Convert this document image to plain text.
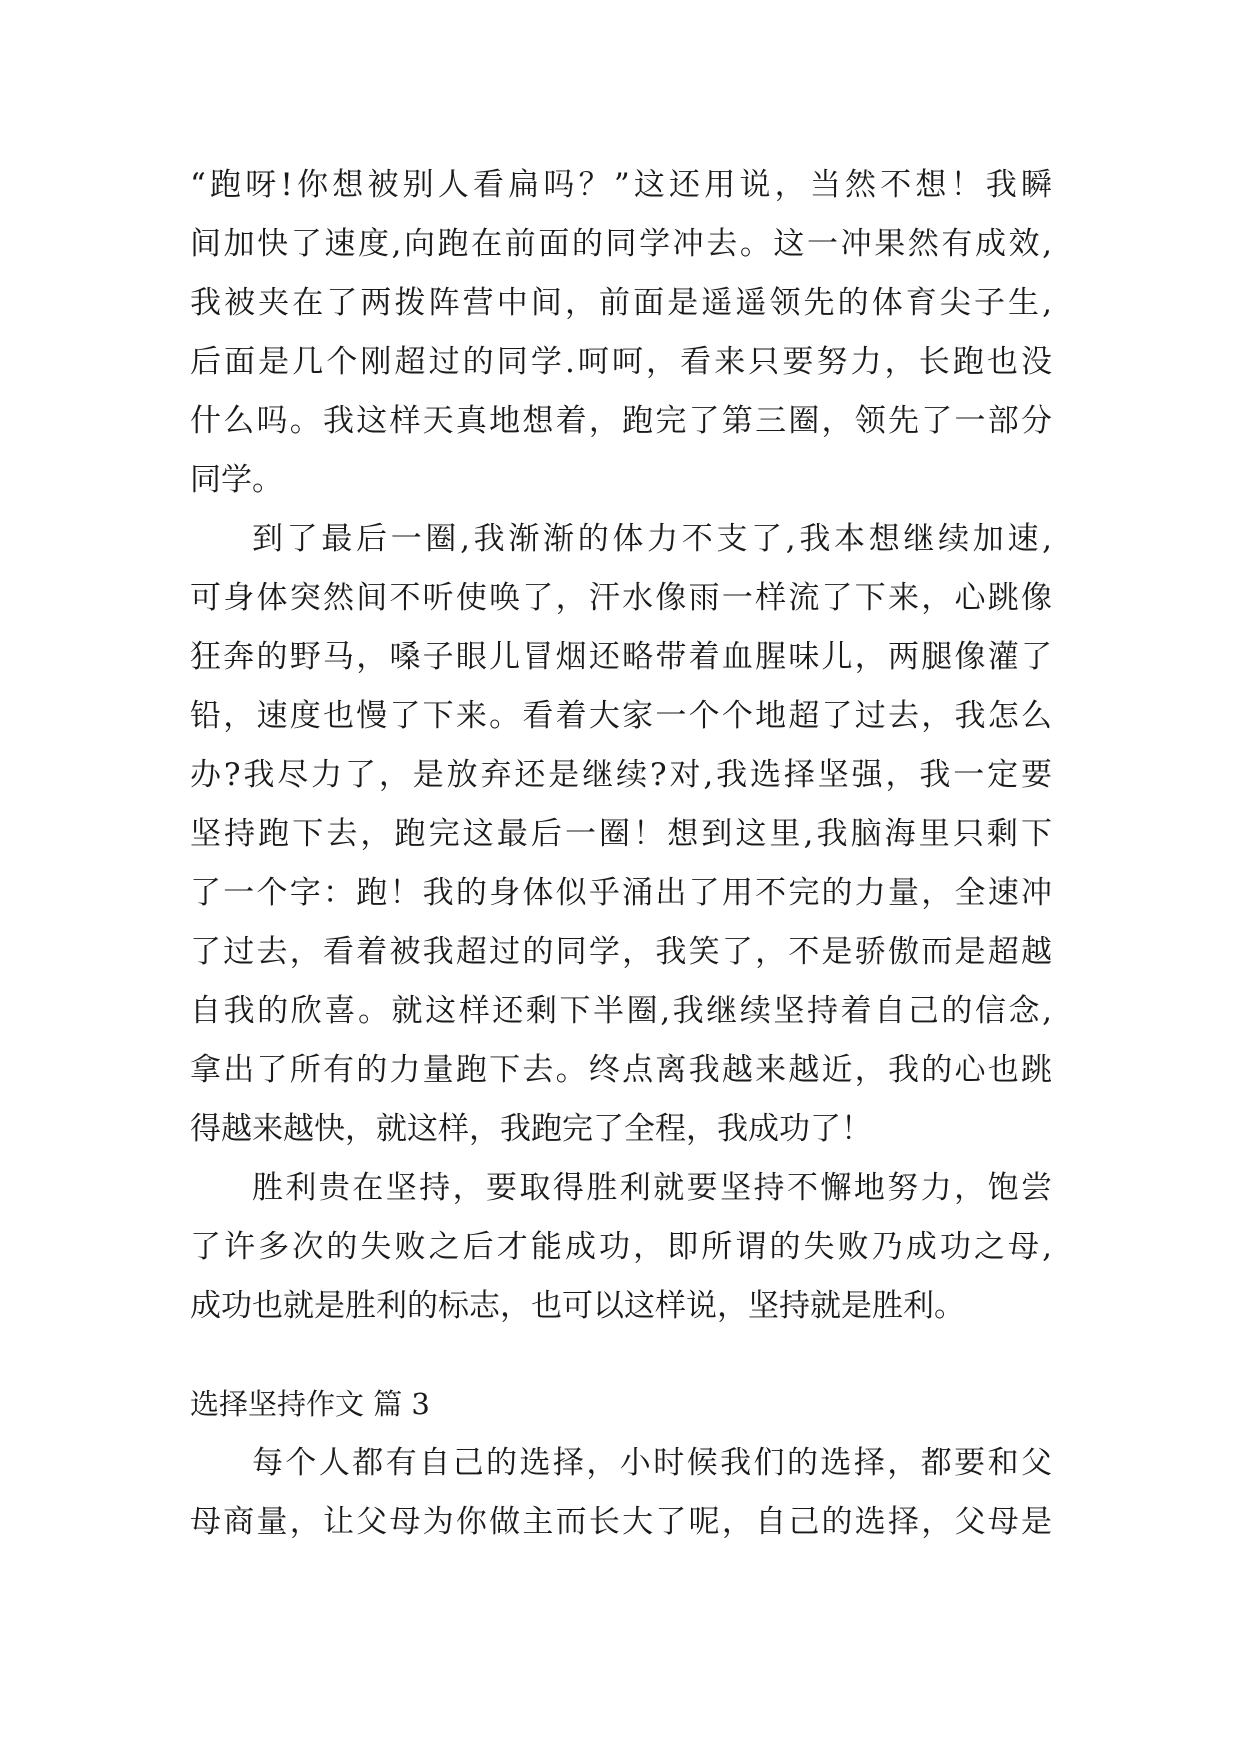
“跑呀!你想被别人看扁吗？”这还用说，当然不想！我瞬
间加快了速度,向跑在前面的同学冲去。这一冲果然有成效,
我被夹在了两拨阵营中间，前面是遥遥领先的体育尖子生,
后面是几个刚超过的同学.呵呵，看来只要努力，长跑也没
什么吗。我这样天真地想着，跑完了第三圈，领先了一部分
同学。
到了最后一圈,我渐渐的体力不支了,我本想继续加速,
可身体突然间不听使唤了，汗水像雨一样流了下来，心跳像
狂奔的野马，嗓子眼儿冒烟还略带着血腥味儿，两腿像灌了
铅，速度也慢了下来。看着大家一个个地超了过去，我怎么
办?我尽力了，是放弃还是继续?对,我选择坚强，我一定要
坚持跑下去，跑完这最后一圈！想到这里,我脑海里只剩下
了一个字：跑！我的身体似乎涌出了用不完的力量，全速冲
了过去，看着被我超过的同学，我笑了，不是骄傲而是超越
自我的欣喜。就这样还剩下半圈,我继续坚持着自己的信念,
拿出了所有的力量跑下去。终点离我越来越近，我的心也跳
得越来越快，就这样，我跑完了全程，我成功了！
胜利贵在坚持，要取得胜利就要坚持不懈地努力，饱尝
了许多次的失败之后才能成功，即所谓的失败乃成功之母,
成功也就是胜利的标志，也可以这样说，坚持就是胜利。
选择坚持作文 篇 3
每个人都有自己的选择，小时候我们的选择，都要和父
母商量，让父母为你做主而长大了呢，自己的选择，父母是
